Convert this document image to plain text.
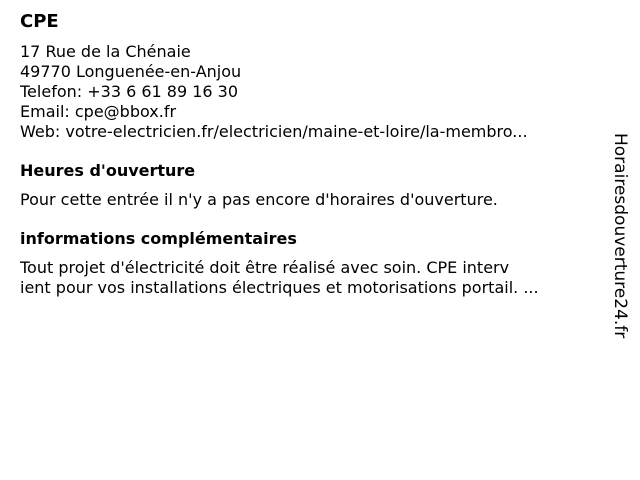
CPE
17 Rue de la Chénaie
49770 Longuenée-en-Anjou
Telefon: +33 6 61 89 16 30
Email: cpe@bbox.fr
Web: votre-electricien.fr/electricien/maine-et-loire/la-membro...
Heures d'ouverture
Pour cette entrée il n'y a pas encore d'horaires d'ouverture.
informations complémentaires
Tout projet d'électricité doit être réalisé avec soin. CPE interv
ient pour vos installations électriques et motorisations portail. ...	Horairesdouverture24.fr
